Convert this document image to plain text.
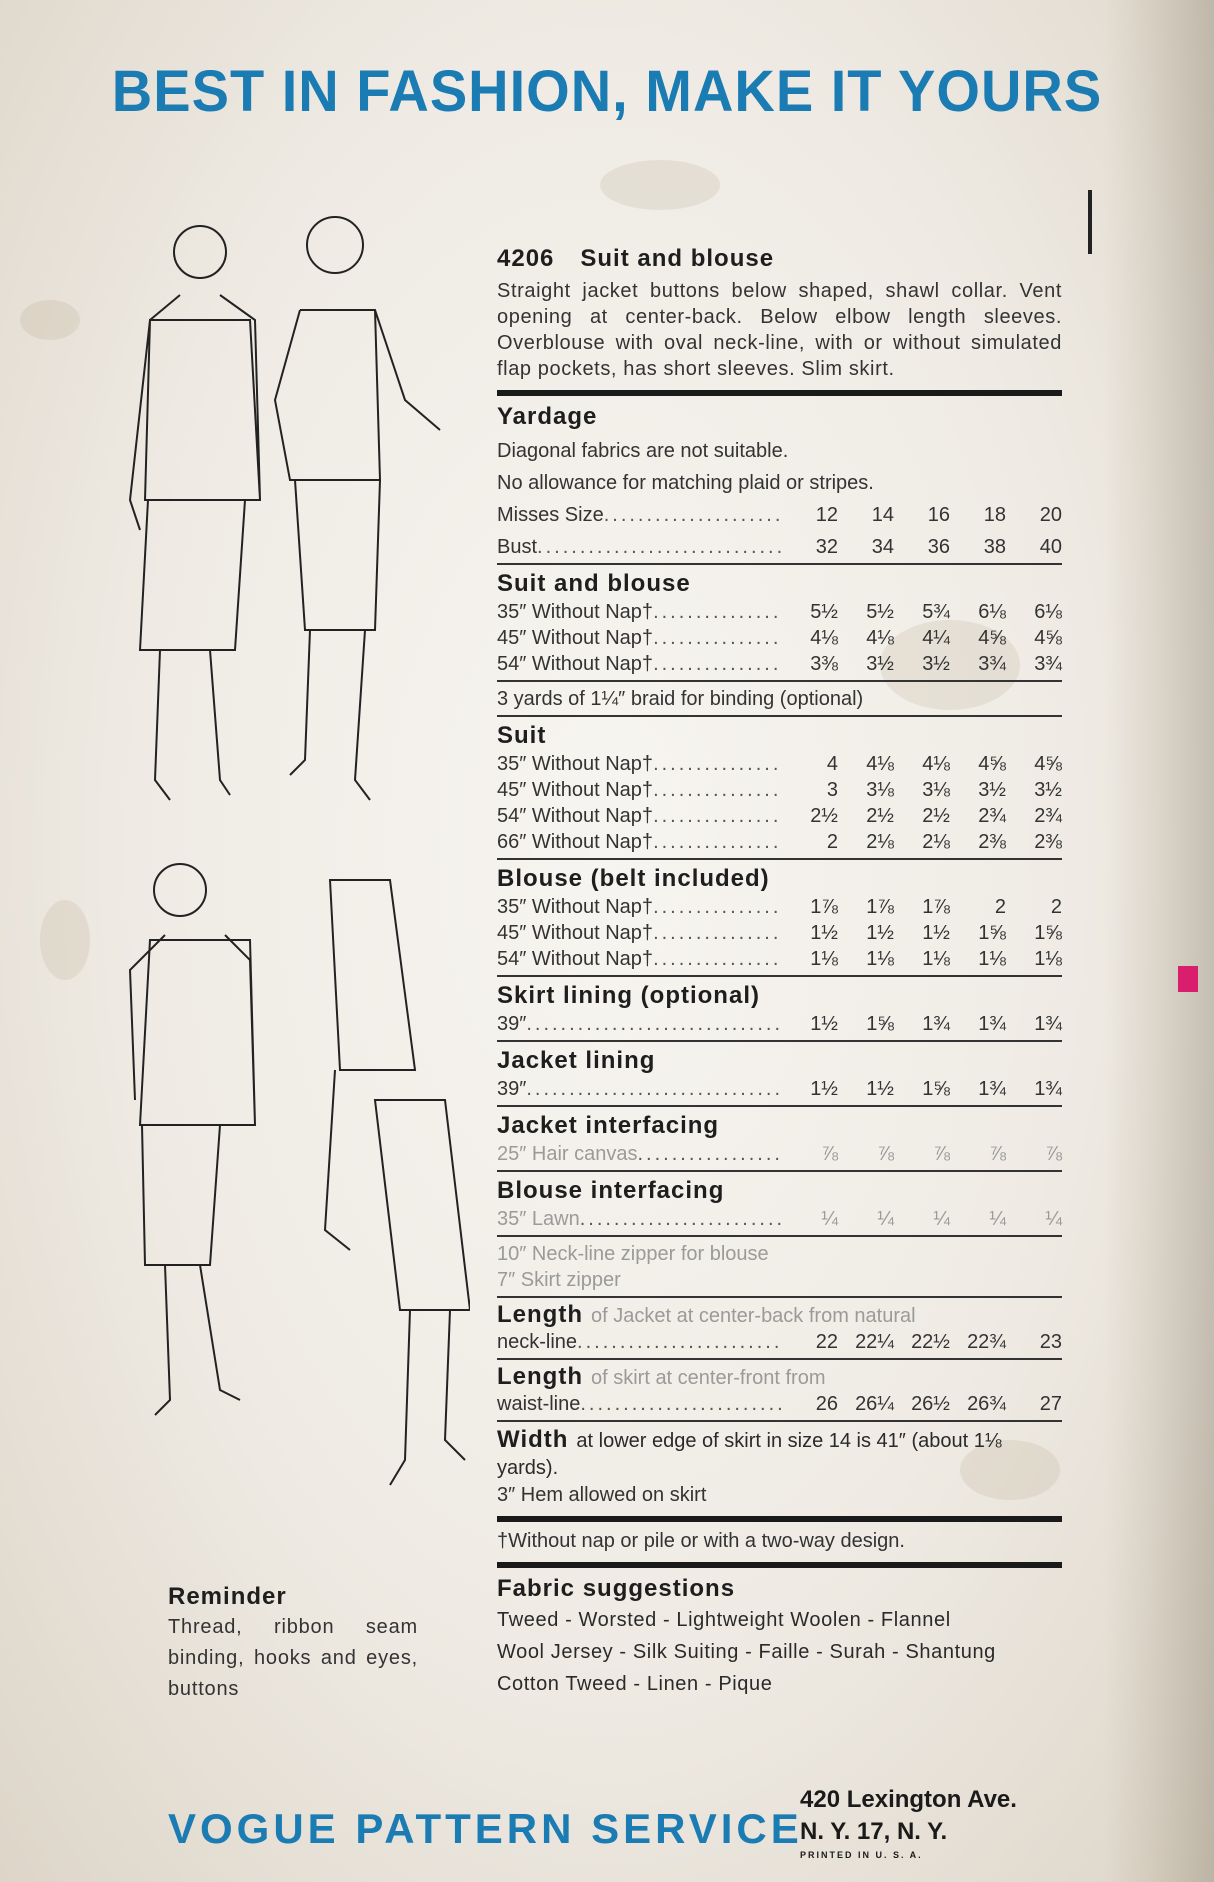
BEST IN FASHION, MAKE IT YOURS
4206 Suit and blouse

Straight jacket buttons below shaped, shawl collar. Vent opening at center-back. Below elbow length sleeves. Overblouse with oval neck-line, with or without simulated flap pockets, has short sleeves. Slim skirt.

Yardage
Diagonal fabrics are not suitable.
No allowance for matching plaid or stripes.
Misses Size .....	12	14	16	18	20
Bust .....	32	34	36	38	40
Suit and blouse
35″ Without Nap† .....	5½	5½	5¾	6⅛	6⅛
45″ Without Nap† .....	4⅛	4⅛	4¼	4⅝	4⅝
54″ Without Nap† .....	3⅜	3½	3½	3¾	3¾
3 yards of 1¼″ braid for binding (optional)
Suit
35″ Without Nap† .....	4	4⅛	4⅛	4⅝	4⅝
45″ Without Nap† .....	3	3⅛	3⅛	3½	3½
54″ Without Nap† .....	2½	2½	2½	2¾	2¾
66″ Without Nap† .....	2	2⅛	2⅛	2⅜	2⅜
Blouse (belt included)
35″ Without Nap† .....	1⅞	1⅞	1⅞	2	2
45″ Without Nap† .....	1½	1½	1½	1⅝	1⅝
54″ Without Nap† .....	1⅛	1⅛	1⅛	1⅛	1⅛
Skirt lining (optional)
39″ .....	1½	1⅝	1¾	1¾	1¾
Jacket lining
39″ .....	1½	1½	1⅝	1¾	1¾
Jacket interfacing
25″ Hair canvas .....	⅞	⅞	⅞	⅞	⅞
Blouse interfacing
35″ Lawn .....	¼	¼	¼	¼	¼
10″ Neck-line zipper for blouse
7″ Skirt zipper
Length of Jacket at center-back from natural
neck-line .....	22 22¼ 22½ 22¾	23
Length of skirt at center-front from
waist-line .....	26 26¼ 26½ 26¾	27
Width at lower edge of skirt in size 14 is 41″ (about 1⅛ yards).
3″ Hem allowed on skirt
†Without nap or pile or with a two-way design.
Fabric suggestions
Tweed - Worsted - Lightweight Woolen - Flannel
Wool Jersey - Silk Suiting - Faille - Surah - Shantung
Cotton Tweed - Linen - Pique
Reminder

Thread, ribbon seam binding, hooks and eyes, buttons

VOGUE PATTERN SERVICE
420 Lexington Ave.
N. Y. 17, N. Y.
PRINTED IN U. S. A.
